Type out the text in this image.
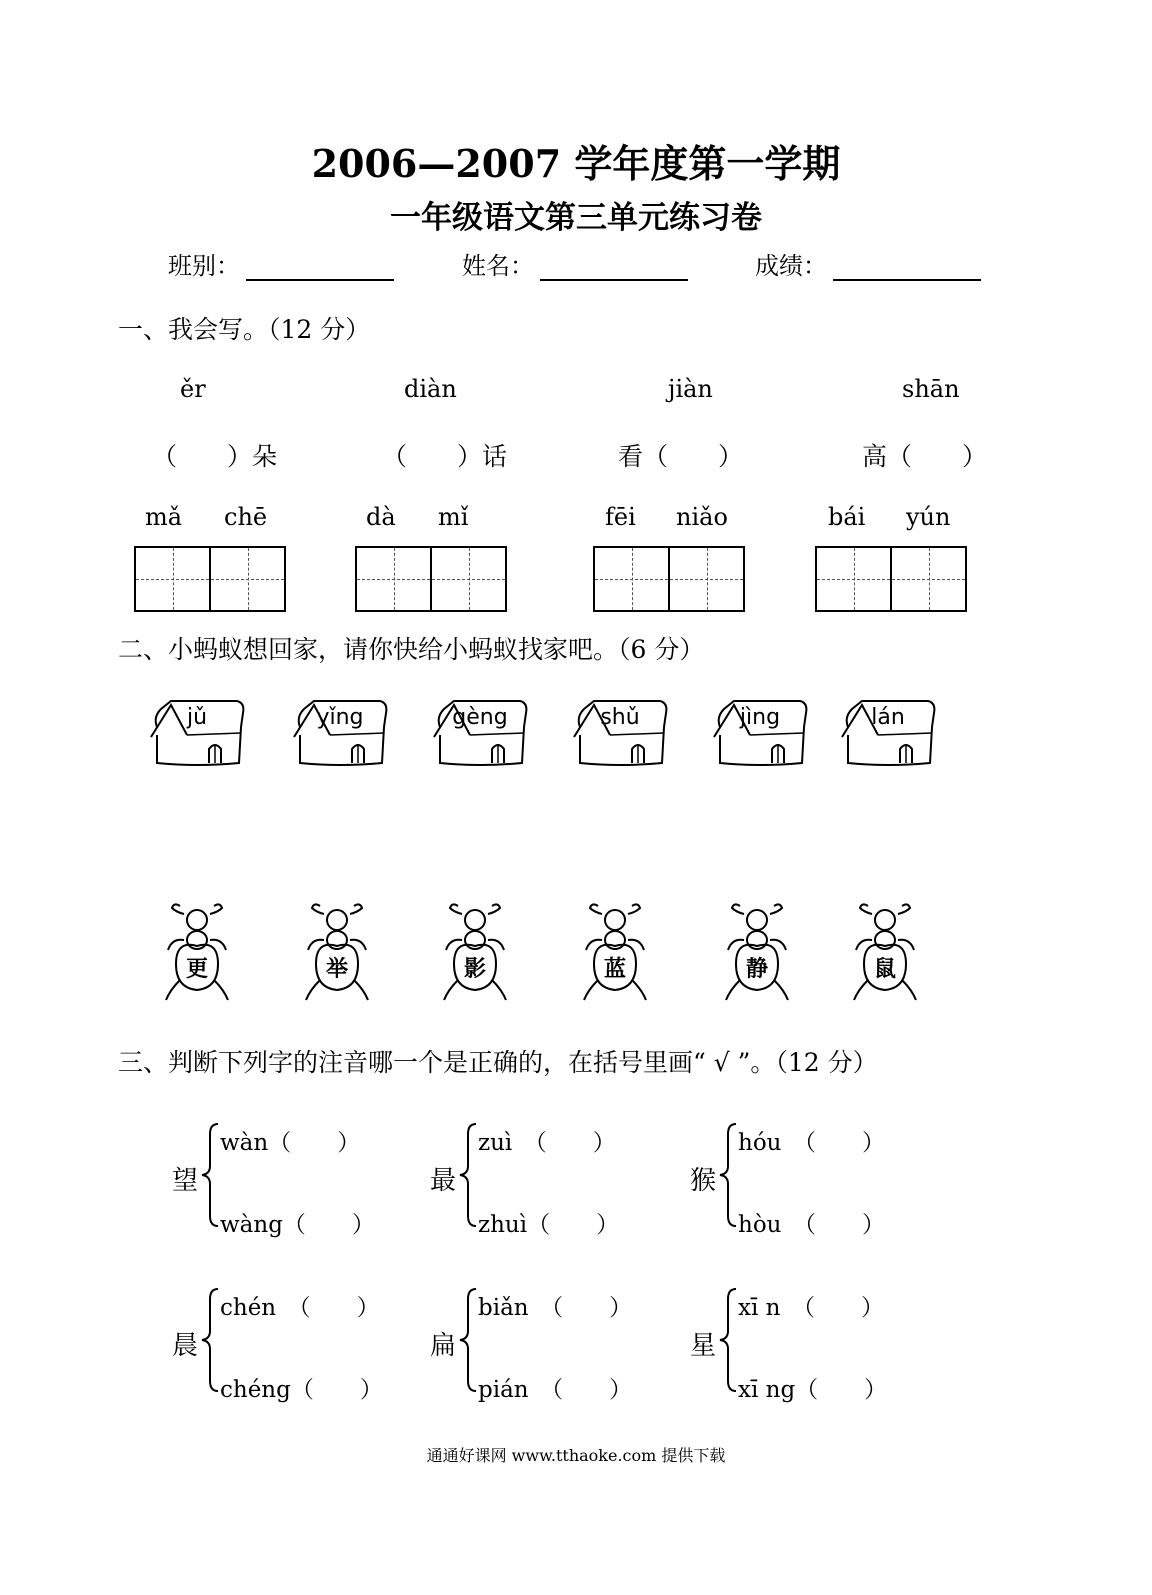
2006—2007 学年度第一学期
一年级语文第三单元练习卷
班别：	姓名：	成绩：
一、我会写。（12 分）
ěr	diàn	jiàn	shān
（　　）朵	（　　）话	看（　　）	高（　　）
mǎ chē	dà mǐ	fēi niǎo	bái yún
二、小蚂蚁想回家，请你快给小蚂蚁找家吧。（6 分）
jǔ	yǐng	gèng	shǔ	jìng	lán
更	举	影	蓝	静	鼠
三、判断下列字的注音哪一个是正确的，在括号里画“ √ ”。（12 分）
望
wàn（　　）
wàng（　　）
最
zuì　（　　）
zhuì（　　）
猴
hóu　（　　）
hòu　（　　）
晨
chén　（　　）
chéng（　　）
扁
biǎn　（　　）
pián　（　　）
星
xī n　（　　）
xī ng（　　）
通通好课网 www.tthaoke.com 提供下载
